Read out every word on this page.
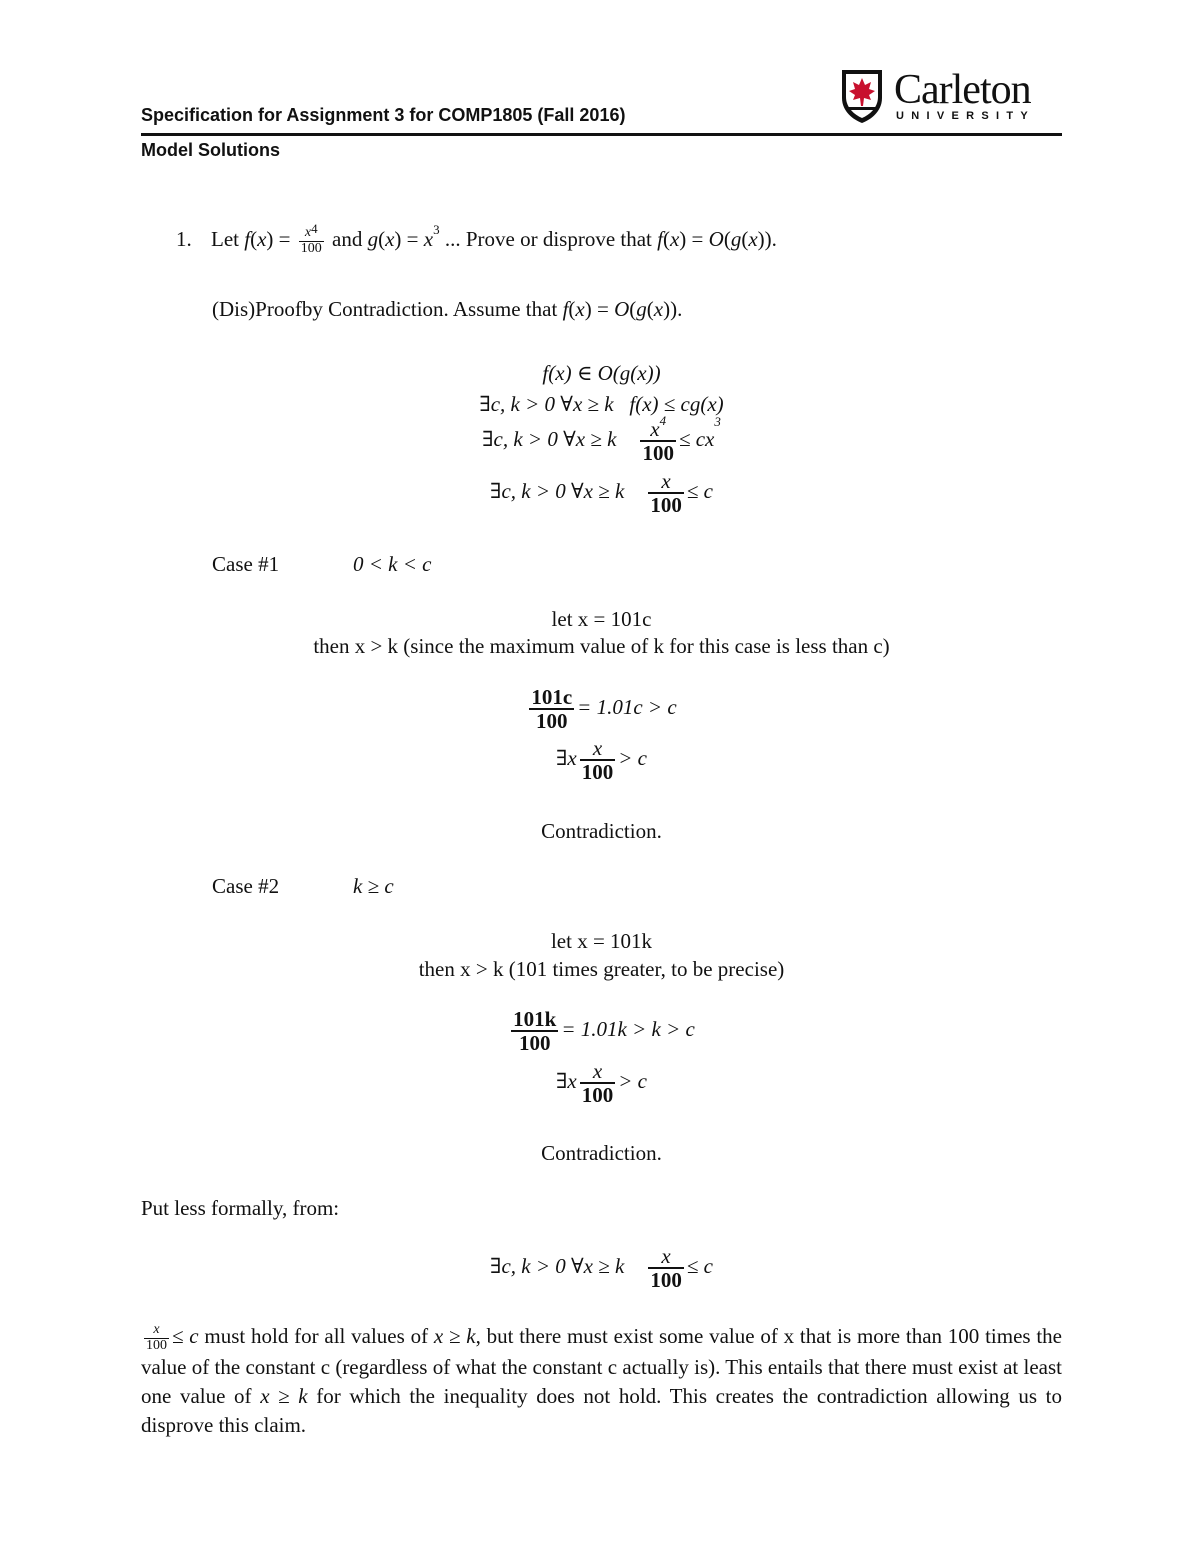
Specification for Assignment 3 for COMP1805 (Fall 2016)
Model Solutions
Carleton
UNIVERSITY
1. Let $f(x) = \frac{x^4}{100}$ and $g(x) = x^3$ ... Prove or disprove that f(x) = O(g(x)).
(Dis)Proofby Contradiction. Assume that f(x) = O(g(x)).
f(x) ∈ O(g(x))
∃c, k > 0 ∀x ≥ k f(x) ≤ cg(x)
∃c, k > 0 ∀x ≥ k $\frac{x^4}{100} \le cx^3$
∃c, k > 0 ∀x ≥ k $\frac{x}{100} \le c$
Case #1	0 < k < c
let x = 101c
then x > k (since the maximum value of k for this case is less than c)
$\frac{101c}{100} = 1.01c > c$
∃x $\frac{x}{100} > c$
Contradiction.
Case #2	k ≥ c
let x = 101k
then x > k (101 times greater, to be precise)
$\frac{101k}{100} = 1.01k > k > c$
∃x $\frac{x}{100} > c$
Contradiction.
Put less formally, from:
∃c, k > 0 ∀x ≥ k $\frac{x}{100} \le c$
$\frac{x}{100} \le c$ must hold for all values of x ≥ k, but there must exist some value of x that is more than 100 times the value of the constant c (regardless of what the constant c actually is). This entails that there must exist at least one value of x ≥ k for which the inequality does not hold. This creates the contradiction allowing us to disprove this claim.
